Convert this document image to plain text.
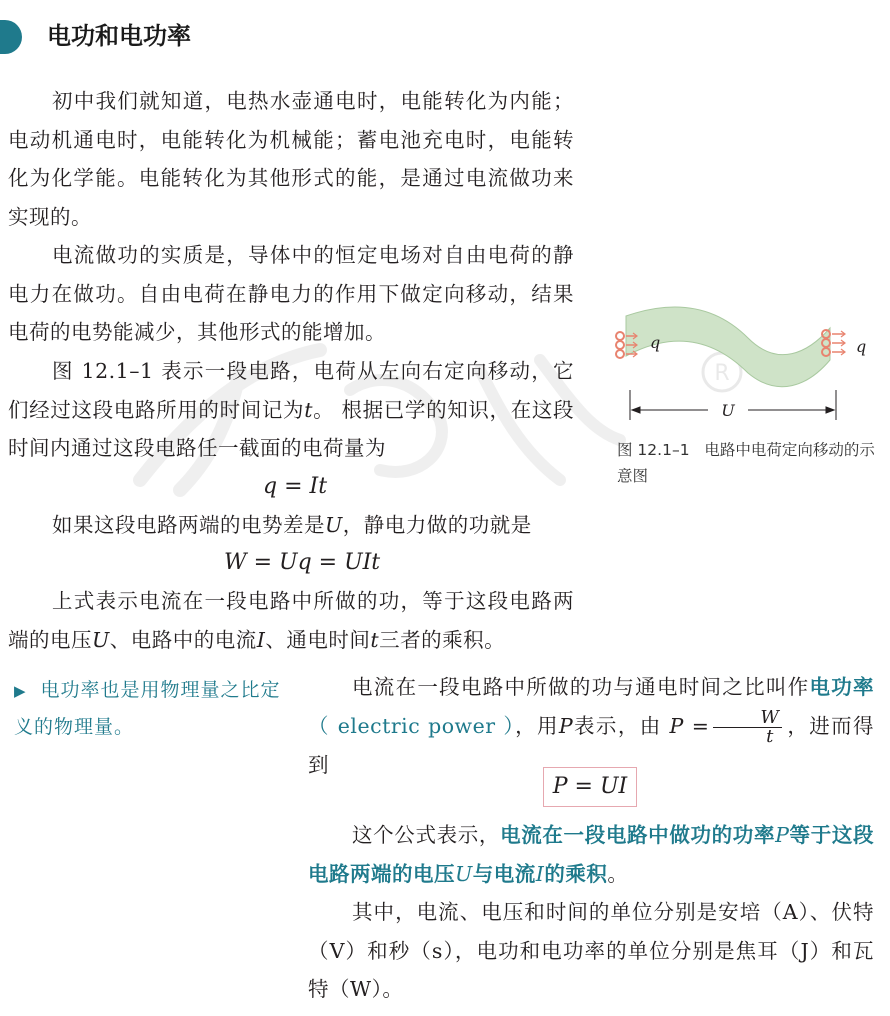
电功和电功率
R

初中我们就知道，电热水壶通电时，电能转化为内能；电动机通电时，电能转化为机械能；蓄电池充电时，电能转化为化学能。电能转化为其他形式的能，是通过电流做功来实现的。

电流做功的实质是，导体中的恒定电场对自由电荷的静电力在做功。自由电荷在静电力的作用下做定向移动，结果电荷的电势能减少，其他形式的能增加。

图 12.1–1 表示一段电路，电荷从左向右定向移动，它们经过这段电路所用的时间记为t。 根据已学的知识，在这段时间内通过这段电路任一截面的电荷量为

q = It

如果这段电路两端的电势差是U，静电力做的功就是

W = Uq = UIt

上式表示电流在一段电路中所做的功，等于这段电路两端的电压U、电路中的电流I、通电时间t三者的乘积。

q	q
U
图 12.1–1 电路中电荷定向移动的示意图
▶ 电功率也是用物理量之比定义的物理量。

电流在一段电路中所做的功与通电时间之比叫作电功率（ electric power ），用P表示，由 $P = \frac{W}{t}$ ，进而得到

P = UI

这个公式表示，电流在一段电路中做功的功率P等于这段电路两端的电压U与电流I的乘积。

其中，电流、电压和时间的单位分别是安培（A）、伏特（V）和秒（s），电功和电功率的单位分别是焦耳（J）和瓦特（W）。
